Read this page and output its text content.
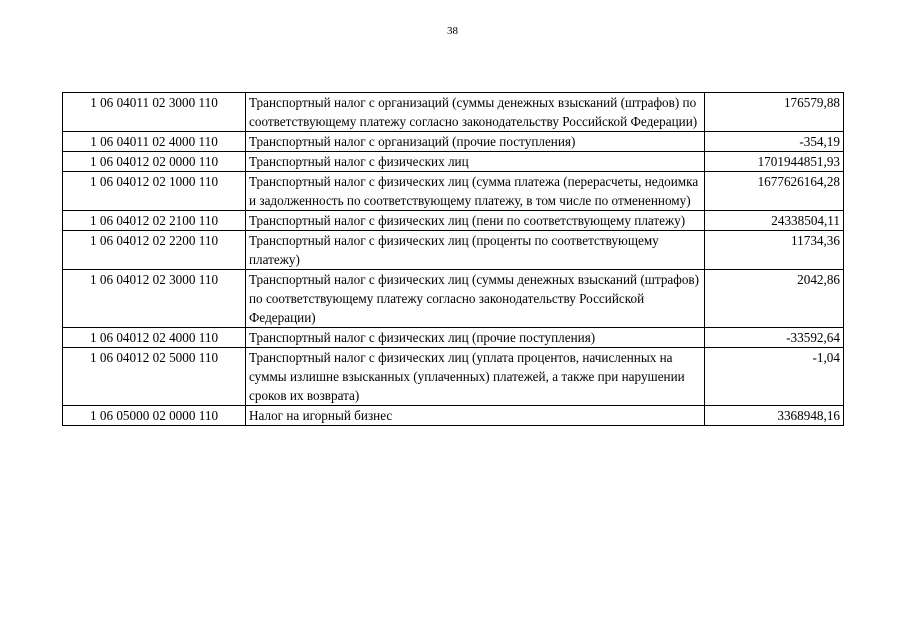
38
1 06 04011 02 3000 110	Транспортный налог с организаций (суммы денежных взысканий (штрафов) по соответствующему платежу согласно законодательству Российской Федерации)	176579,88
1 06 04011 02 4000 110	Транспортный налог с организаций (прочие поступления)	-354,19
1 06 04012 02 0000 110	Транспортный налог с физических лиц	1701944851,93
1 06 04012 02 1000 110	Транспортный налог с физических лиц (сумма платежа (перерасчеты, недоимка и задолженность по соответствующему платежу, в том числе по отмененному)	1677626164,28
1 06 04012 02 2100 110	Транспортный налог с физических лиц (пени по соответствующему платежу)	24338504,11
1 06 04012 02 2200 110	Транспортный налог с физических лиц (проценты по соответствующему платежу)	11734,36
1 06 04012 02 3000 110	Транспортный налог с физических лиц (суммы денежных взысканий (штрафов) по соответствующему платежу согласно законодательству Российской Федерации)	2042,86
1 06 04012 02 4000 110	Транспортный налог с физических лиц (прочие поступления)	-33592,64
1 06 04012 02 5000 110	Транспортный налог с физических лиц (уплата процентов, начисленных на суммы излишне взысканных (уплаченных) платежей, а также при нарушении сроков их возврата)	-1,04
1 06 05000 02 0000 110	Налог на игорный бизнес	3368948,16
